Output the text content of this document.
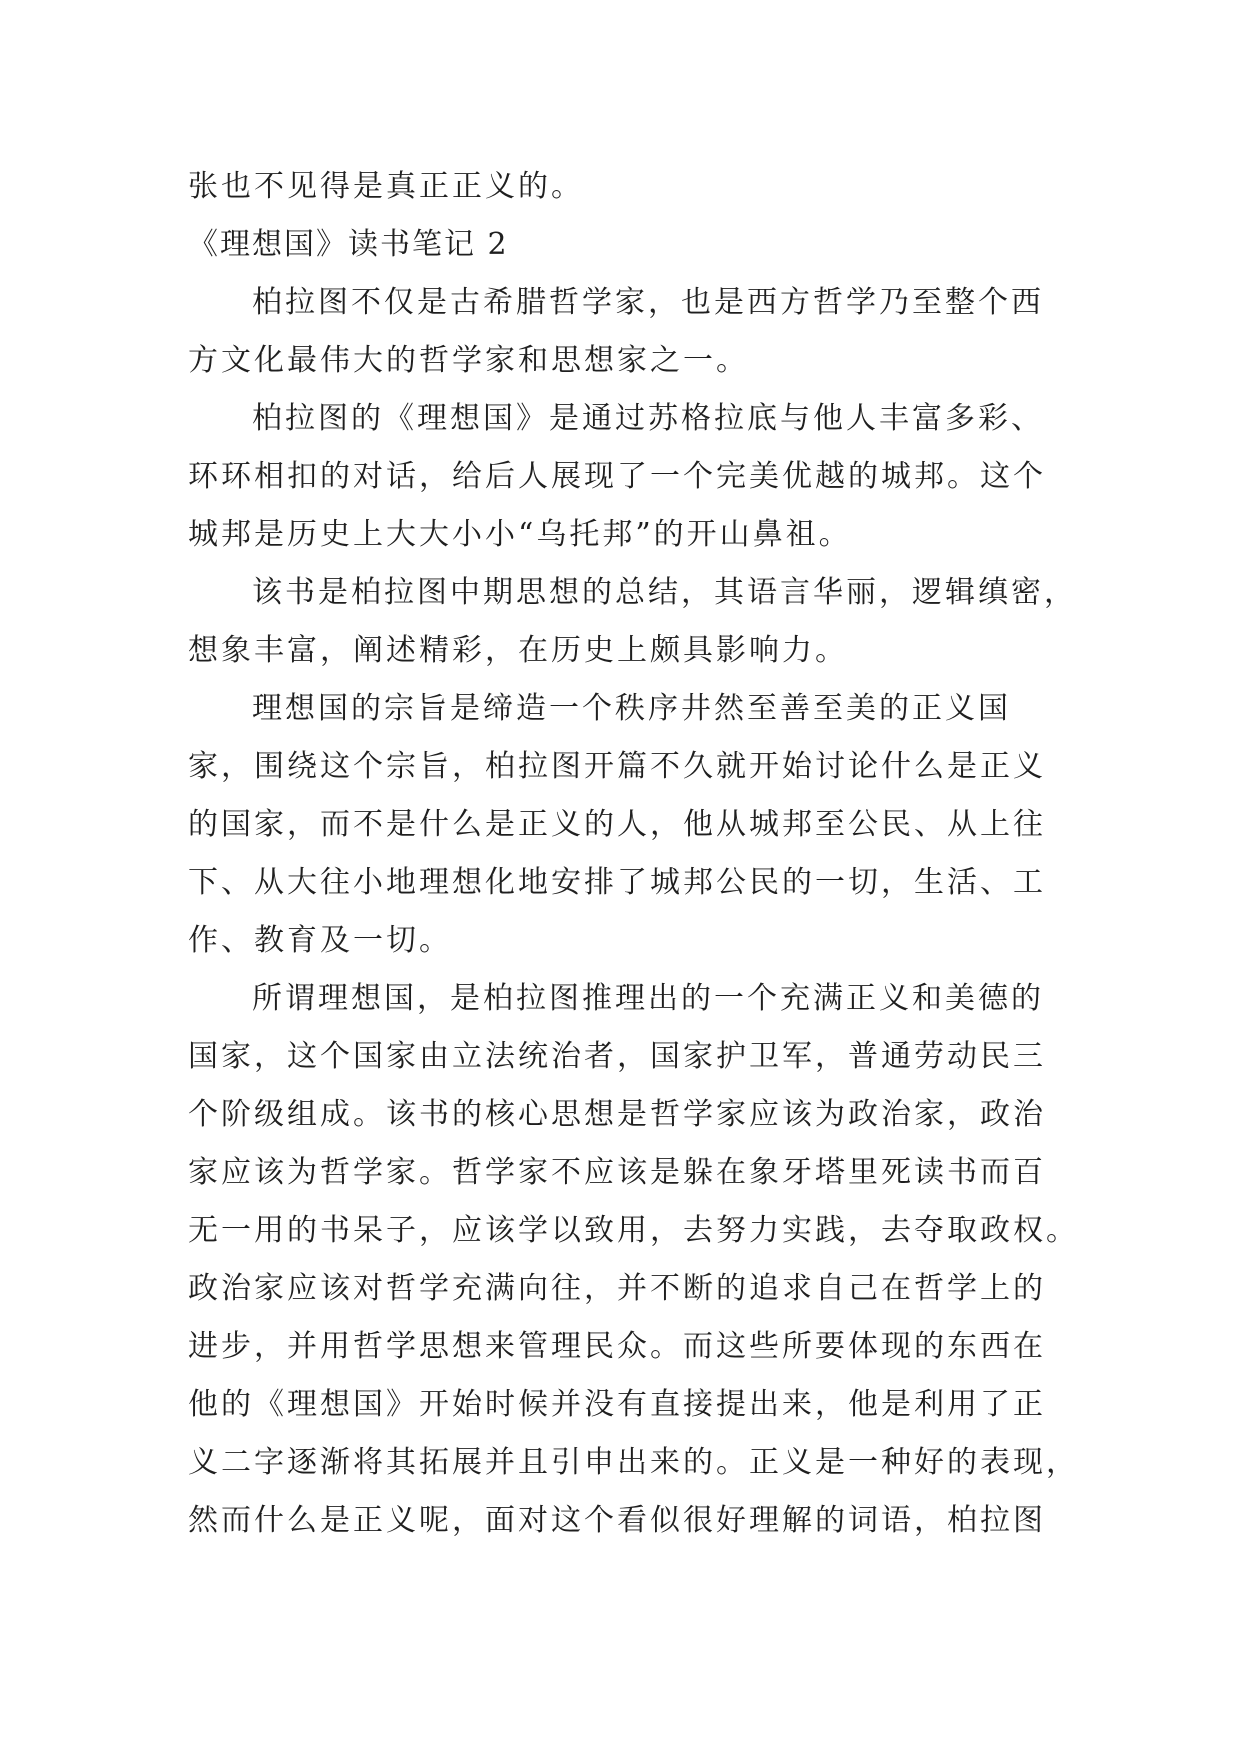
张也不见得是真正正义的。
《理想国》读书笔记 2
柏拉图不仅是古希腊哲学家，也是西方哲学乃至整个西
方文化最伟大的哲学家和思想家之一。
柏拉图的《理想国》是通过苏格拉底与他人丰富多彩、
环环相扣的对话，给后人展现了一个完美优越的城邦。这个
城邦是历史上大大小小“乌托邦”的开山鼻祖。
该书是柏拉图中期思想的总结，其语言华丽，逻辑缜密，
想象丰富，阐述精彩，在历史上颇具影响力。
理想国的宗旨是缔造一个秩序井然至善至美的正义国
家，围绕这个宗旨，柏拉图开篇不久就开始讨论什么是正义
的国家，而不是什么是正义的人，他从城邦至公民、从上往
下、从大往小地理想化地安排了城邦公民的一切，生活、工
作、教育及一切。
所谓理想国，是柏拉图推理出的一个充满正义和美德的
国家，这个国家由立法统治者，国家护卫军，普通劳动民三
个阶级组成。该书的核心思想是哲学家应该为政治家，政治
家应该为哲学家。哲学家不应该是躲在象牙塔里死读书而百
无一用的书呆子，应该学以致用，去努力实践，去夺取政权。
政治家应该对哲学充满向往，并不断的追求自己在哲学上的
进步，并用哲学思想来管理民众。而这些所要体现的东西在
他的《理想国》开始时候并没有直接提出来，他是利用了正
义二字逐渐将其拓展并且引申出来的。正义是一种好的表现，
然而什么是正义呢，面对这个看似很好理解的词语，柏拉图
